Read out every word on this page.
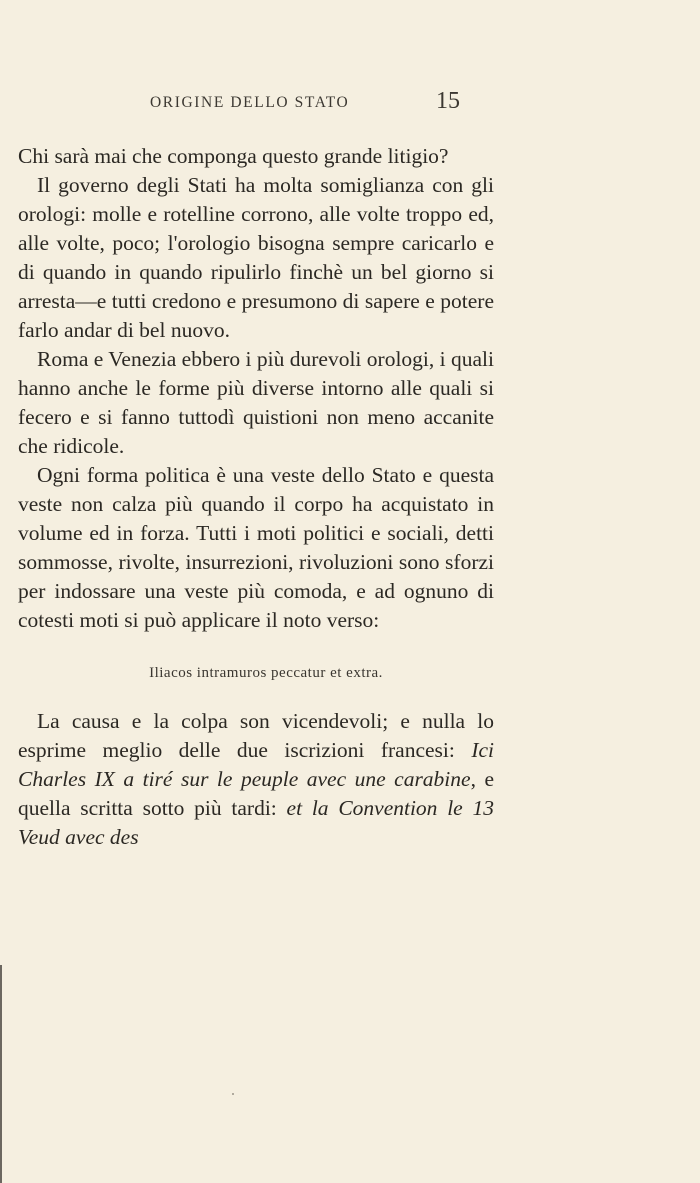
ORIGINE DELLO STATO	15

Chi sarà mai che componga questo grande litigio?

Il governo degli Stati ha molta somiglianza con gli orologi: molle e rotelline corrono, alle volte troppo ed, alle volte, poco; l'orologio bisogna sempre caricarlo e di quando in quando ripulirlo finchè un bel giorno si arresta—e tutti credono e presumono di sapere e potere farlo andar di bel nuovo.

Roma e Venezia ebbero i più durevoli orologi, i quali hanno anche le forme più diverse intorno alle quali si fecero e si fanno tuttodì quistioni non meno accanite che ridicole.

Ogni forma politica è una veste dello Stato e questa veste non calza più quando il corpo ha acquistato in volume ed in forza. Tutti i moti politici e sociali, detti sommosse, rivolte, insurrezioni, rivoluzioni sono sforzi per indossare una veste più comoda, e ad ognuno di cotesti moti si può applicare il noto verso:

Iliacos intramuros peccatur et extra.

La causa e la colpa son vicendevoli; e nulla lo esprime meglio delle due iscrizioni francesi: Ici Charles IX a tiré sur le peuple avec une carabine, e quella scritta sotto più tardi: et la Convention le 13 Veud avec des
